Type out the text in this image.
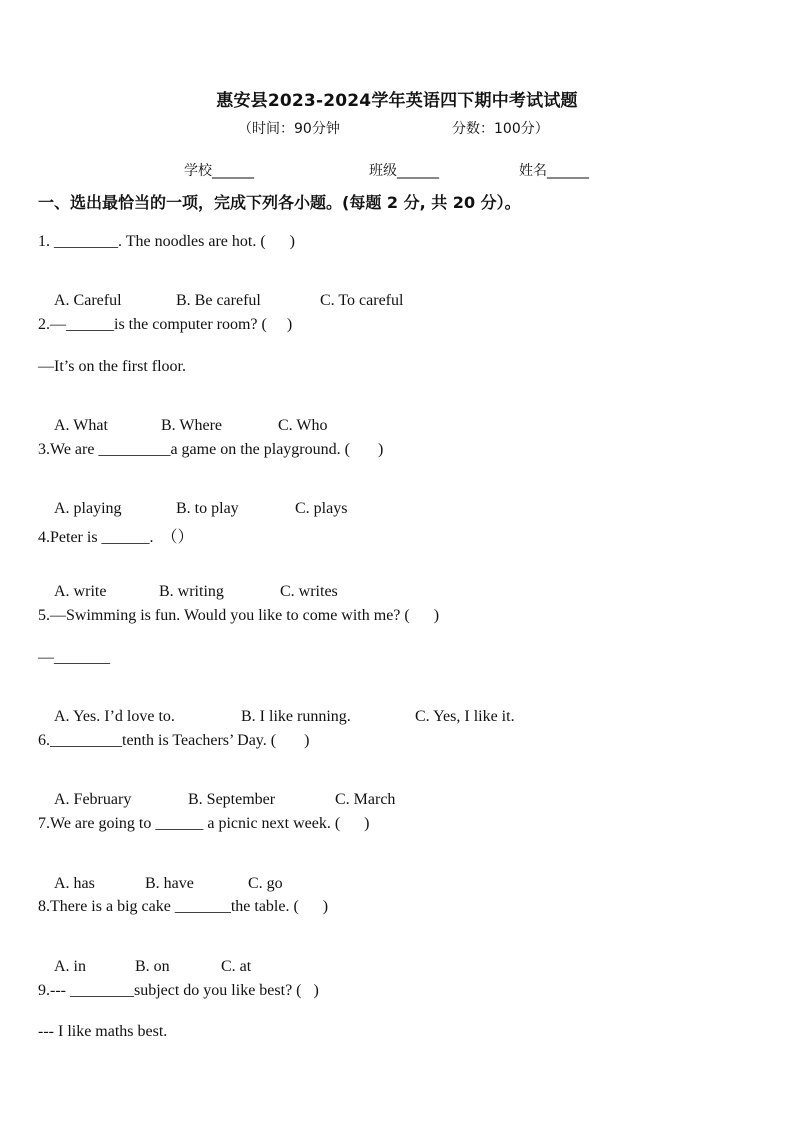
惠安县2023-2024学年英语四下期中考试试题
（时间：90分钟	分数：100分）
学校______	班级______	姓名______
一、选出最恰当的一项，完成下列各小题。(每题 2 分, 共 20 分）。
1. ________. The noodles are hot. (      )

A. Careful	B. Be careful	C. To careful

2.—______is the computer room? (     )
—It’s on the first floor.

A. What	B. Where	C. Who

3.We are _________a game on the playground. (       )

A. playing	B. to play	C. plays

4.Peter is ______.  （）

A. write	B. writing	C. writes

5.—Swimming is fun. Would you like to come with me? (      )
—_______

A. Yes. I’d love to.	B. I like running.	C. Yes, I like it.

6._________tenth is Teachers’ Day. (       )

A. February	B. September	C. March

7.We are going to ______ a picnic next week. (      )

A. has	B. have	C. go

8.There is a big cake _______the table. (      )

A. in	B. on	C. at

9.--- ________subject do you like best? (   )
--- I like maths best.
